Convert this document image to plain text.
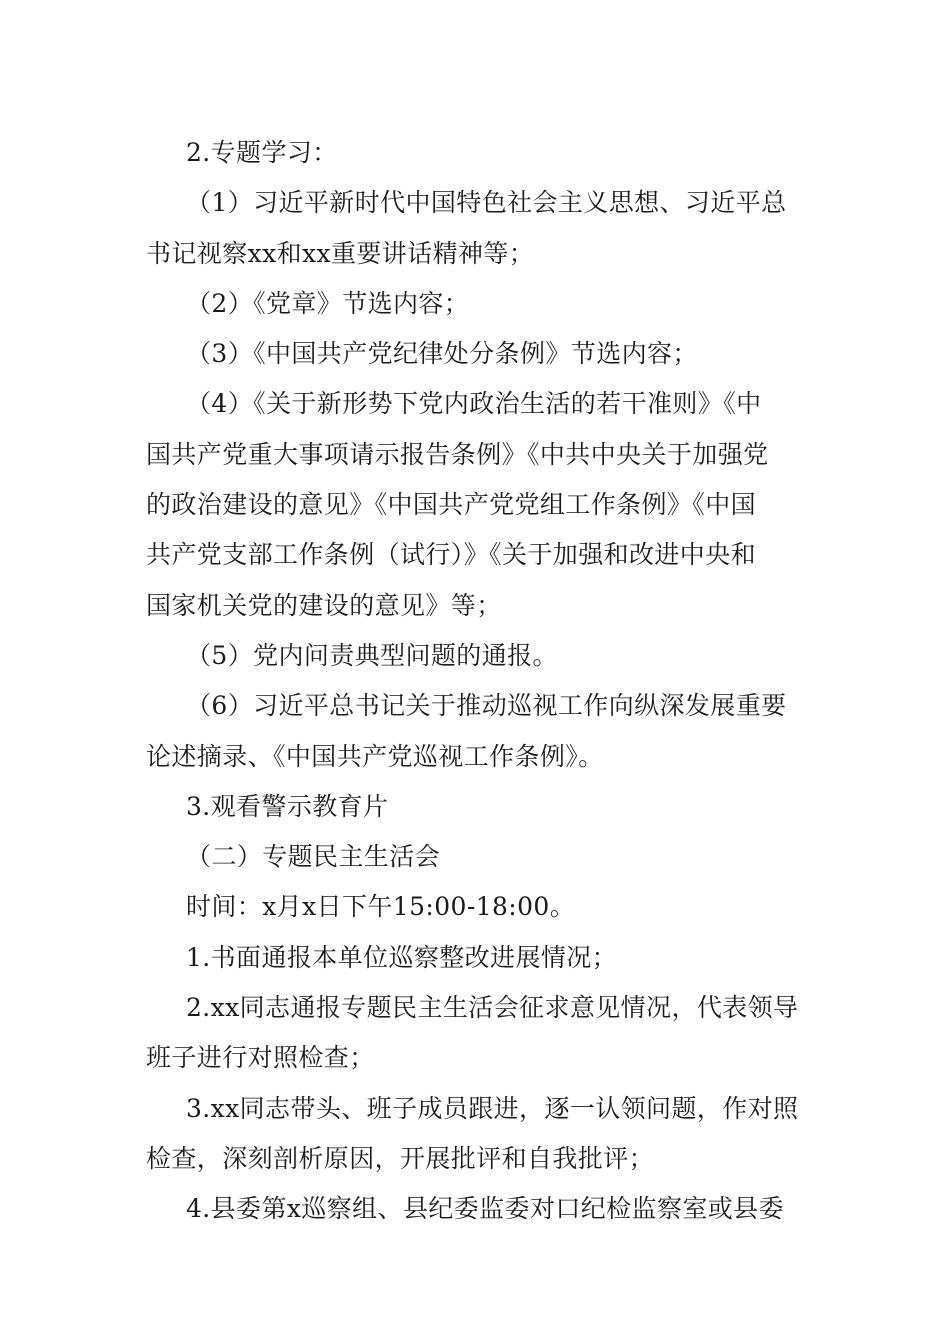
2.专题学习：
（1）习近平新时代中国特色社会主义思想、习近平总
书记视察xx和xx重要讲话精神等；
（2）《党章》节选内容；
（3）《中国共产党纪律处分条例》节选内容；
（4）《关于新形势下党内政治生活的若干准则》《中
国共产党重大事项请示报告条例》《中共中央关于加强党
的政治建设的意见》《中国共产党党组工作条例》《中国
共产党支部工作条例（试行）》《关于加强和改进中央和
国家机关党的建设的意见》等；
（5）党内问责典型问题的通报。
（6）习近平总书记关于推动巡视工作向纵深发展重要
论述摘录、《中国共产党巡视工作条例》。
3.观看警示教育片
（二）专题民主生活会
时间：x月x日下午15:00-18:00。
1.书面通报本单位巡察整改进展情况；
2.xx同志通报专题民主生活会征求意见情况，代表领导
班子进行对照检查；
3.xx同志带头、班子成员跟进，逐一认领问题，作对照
检查，深刻剖析原因，开展批评和自我批评；
4.县委第x巡察组、县纪委监委对口纪检监察室或县委
